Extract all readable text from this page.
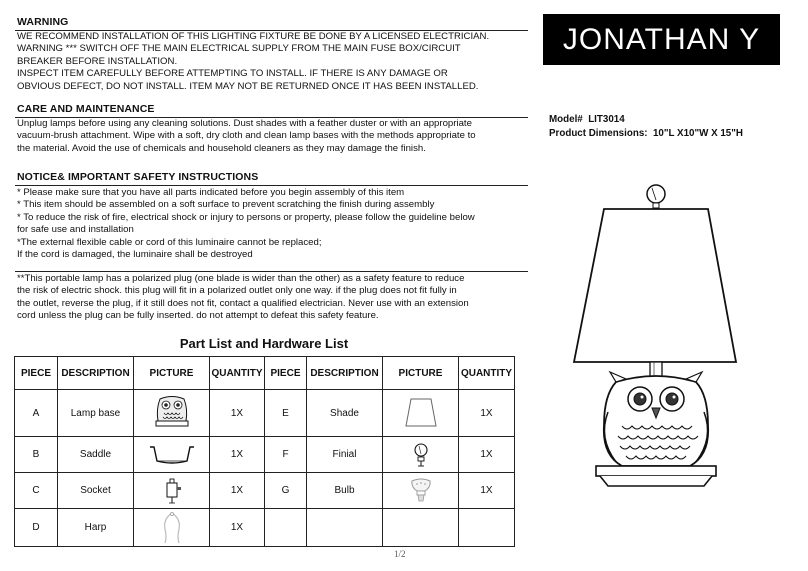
WARNING
WE RECOMMEND INSTALLATION OF THIS LIGHTING FIXTURE BE DONE BY A LICENSED ELECTRICIAN.
WARNING *** SWITCH OFF THE MAIN ELECTRICAL SUPPLY FROM THE MAIN FUSE BOX/CIRCUIT
BREAKER BEFORE INSTALLATION.
INSPECT ITEM CAREFULLY BEFORE ATTEMPTING TO INSTALL. IF THERE IS ANY DAMAGE OR
OBVIOUS DEFECT, DO NOT INSTALL. ITEM MAY NOT BE RETURNED ONCE IT HAS BEEN INSTALLED.
CARE AND MAINTENANCE
Unplug lamps before using any cleaning solutions. Dust shades with a feather duster or with an appropriate
vacuum-brush attachment. Wipe with a soft, dry cloth and clean lamp bases with the methods appropriate to
the material. Avoid the use of chemicals and household cleaners as they may damage the finish.
NOTICE& IMPORTANT SAFETY INSTRUCTIONS
* Please make sure that you have all parts indicated before you begin assembly of this item
* This item should be assembled on a soft surface to prevent scratching the finish during assembly
* To reduce the risk of fire, electrical shock or injury to persons or property, please follow the guideline below
for safe use and installation
*The external flexible cable or cord of this luminaire cannot be replaced;
If the cord is damaged, the luminaire shall be destroyed
**This portable lamp has a polarized plug (one blade is wider than the other) as a safety feature to reduce
the risk of electric shock. this plug will fit in a polarized outlet only one way. if the plug does not fit fully in
the outlet, reverse the plug, if it still does not fit, contact a qualified electrician. Never use with an extension
cord unless the plug can be fully inserted. do not attempt to defeat this safety feature.
JONATHAN Y
Model# LIT3014
Product Dimensions: 10"L X10"W X 15"H
Part List and Hardware List
PIECE	DESCRIPTION	PICTURE	QUANTITY	PIECE	DESCRIPTION	PICTURE	QUANTITY
A	Lamp base		1X	E	Shade		1X
B	Saddle		1X	F	Finial		1X
C	Socket		1X	G	Bulb		1X
D	Harp		1X				
1/2
